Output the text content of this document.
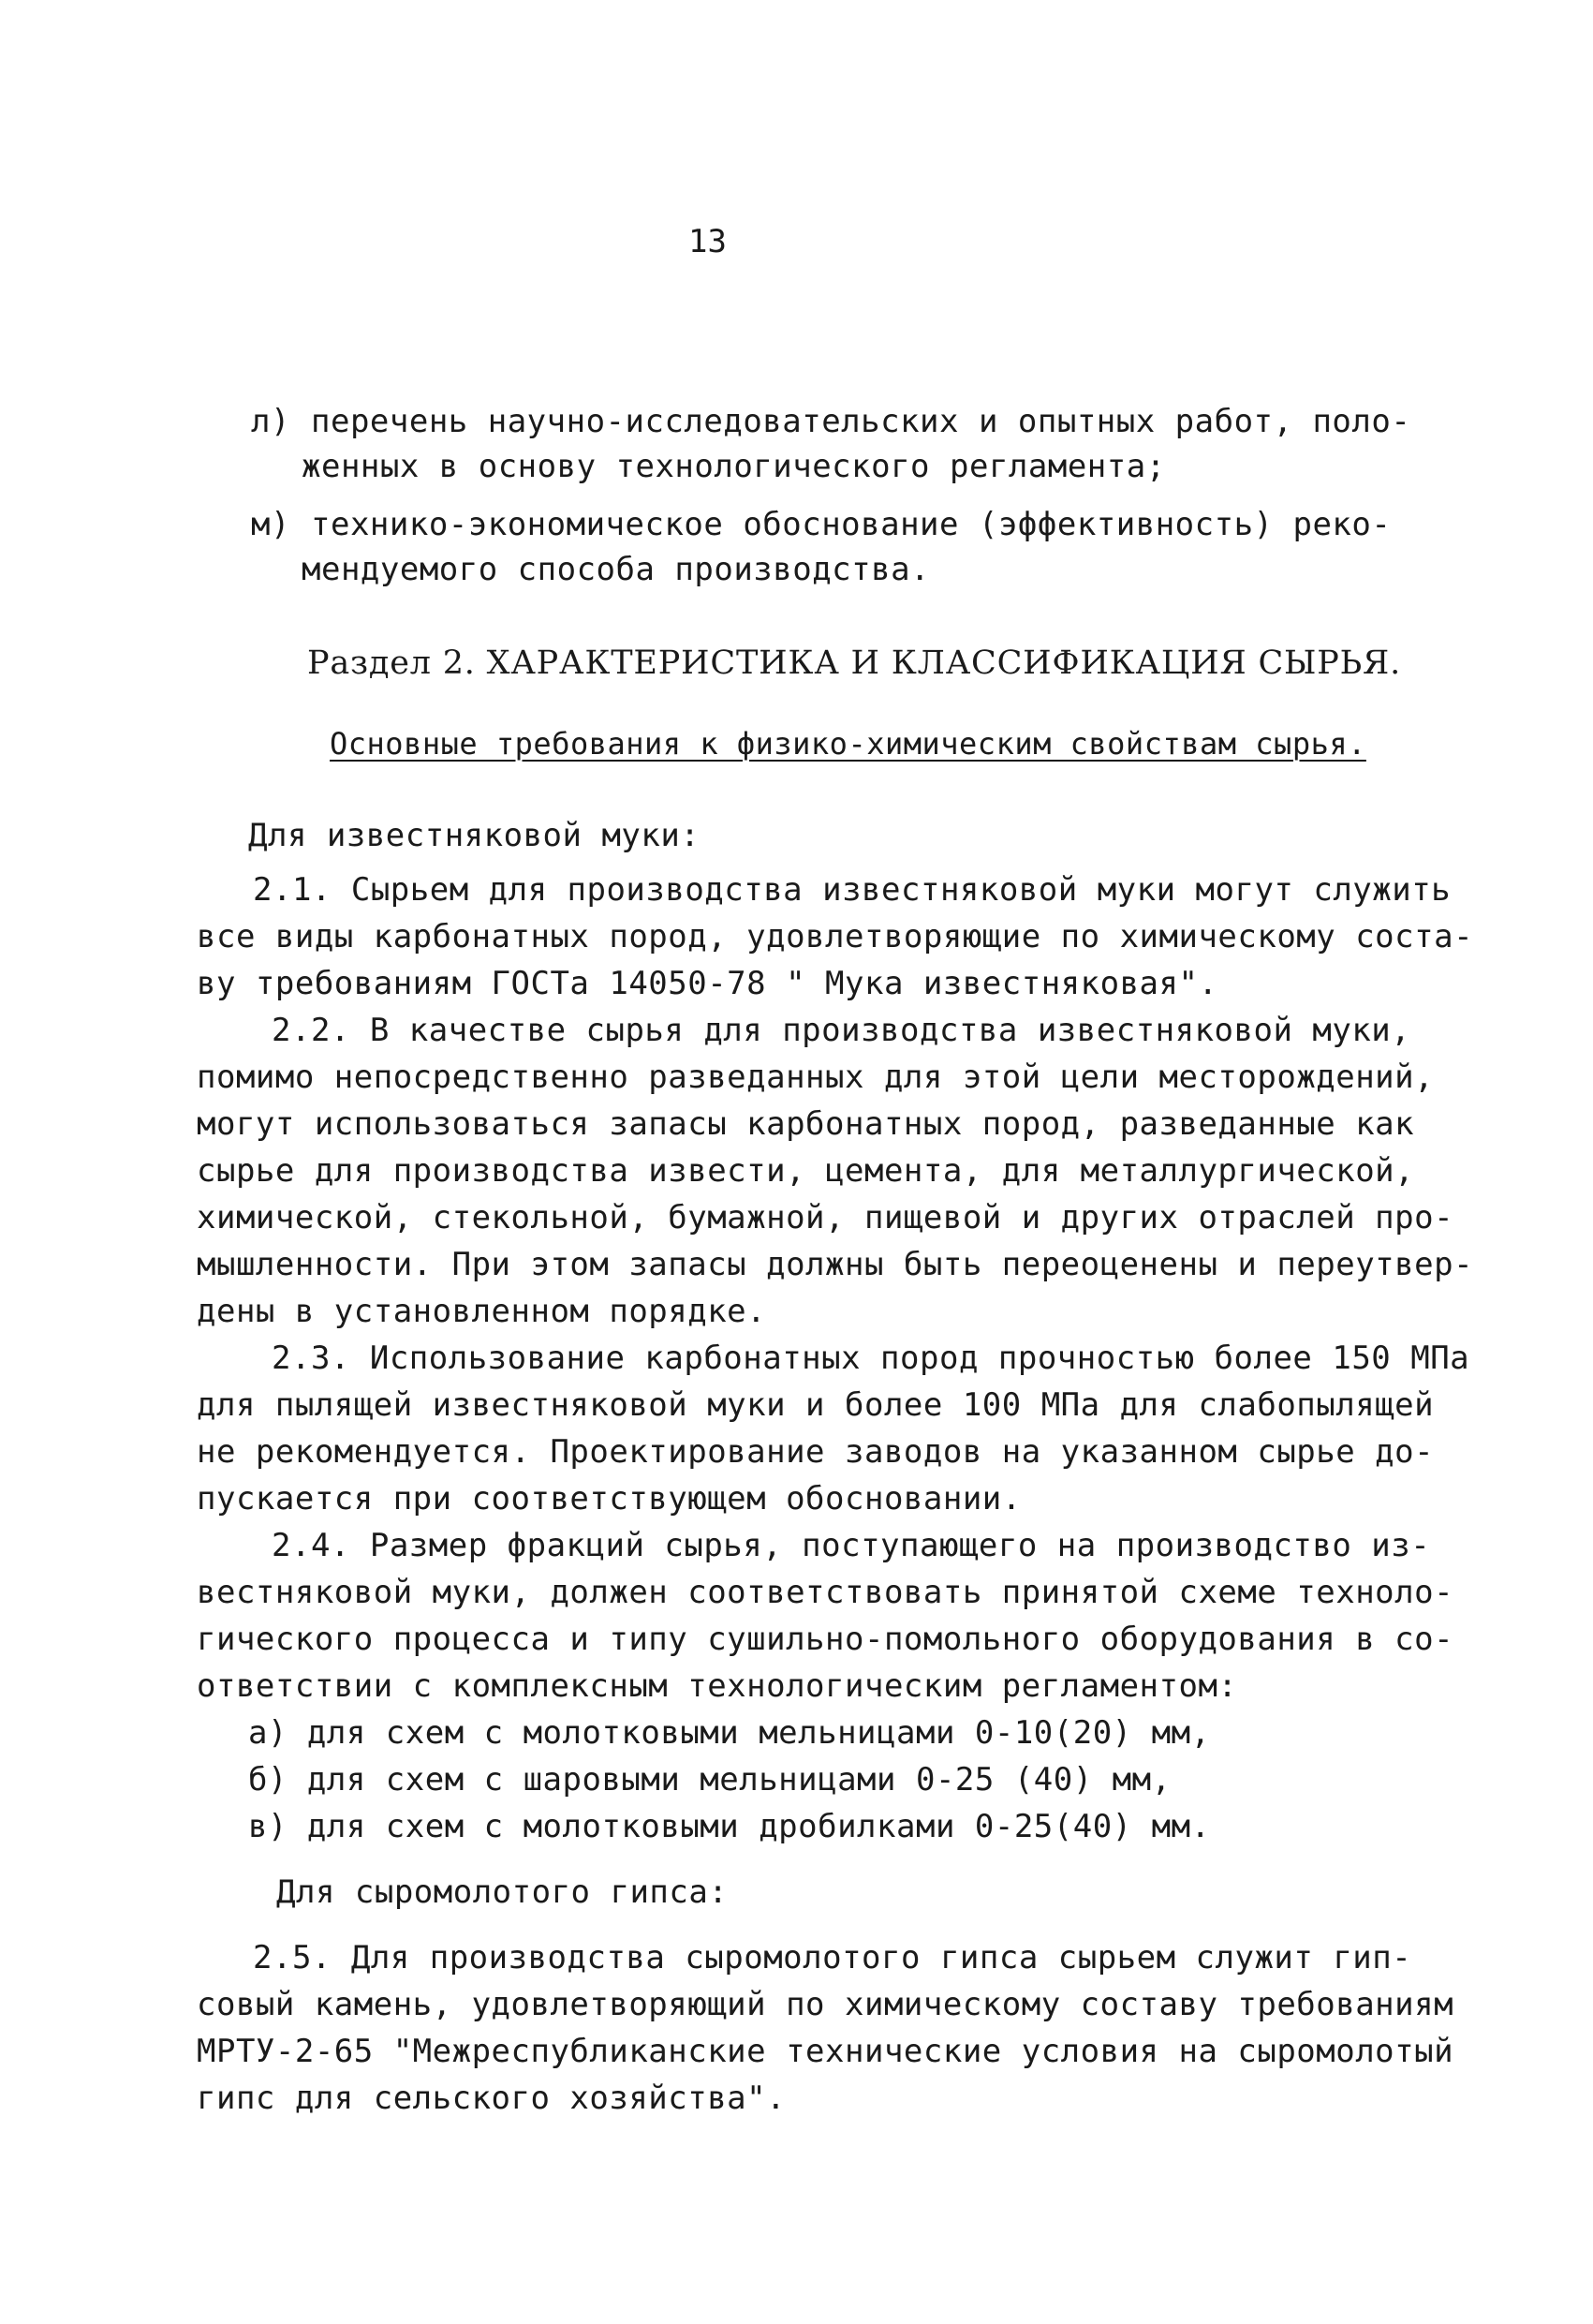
13
л) перечень научно-исследовательских и опытных работ, поло-
женных в основу технологического регламента;
м) технико-экономическое обоснование (эффективность) реко-
мендуемого способа производства.
Раздел 2. ХАРАКТЕРИСТИКА И КЛАССИФИКАЦИЯ СЫРЬЯ.
Основные требования к физико-химическим свойствам сырья.
Для известняковой муки:
2.1. Сырьем для производства известняковой муки могут служить
все виды карбонатных пород, удовлетворяющие по химическому соста-
ву требованиям ГОСТа 14050-78 " Мука известняковая".
2.2. В качестве сырья для производства известняковой муки,
помимо непосредственно разведанных для этой цели месторождений,
могут использоваться запасы карбонатных пород, разведанные как
сырье для производства извести, цемента, для металлургической,
химической, стекольной, бумажной, пищевой и других отраслей про-
мышленности. При этом запасы должны быть переоценены и переутвер-
дены в установленном порядке.
2.3. Использование карбонатных пород прочностью более 150 МПа
для пылящей известняковой муки и более 100 МПа для слабопылящей
не рекомендуется. Проектирование заводов на указанном сырье до-
пускается при соответствующем обосновании.
2.4. Размер фракций сырья, поступающего на производство из-
вестняковой муки, должен соответствовать принятой схеме техноло-
гического процесса и типу сушильно-помольного оборудования в со-
ответствии с комплексным технологическим регламентом:
а) для схем с молотковыми мельницами 0-10(20) мм,
б) для схем с шаровыми мельницами 0-25 (40) мм,
в) для схем с молотковыми дробилками 0-25(40) мм.
Для сыромолотого гипса:
2.5. Для производства сыромолотого гипса сырьем служит гип-
совый камень, удовлетворяющий по химическому составу требованиям
МРТУ-2-65 "Межреспубликанские технические условия на сыромолотый
гипс для сельского хозяйства".
